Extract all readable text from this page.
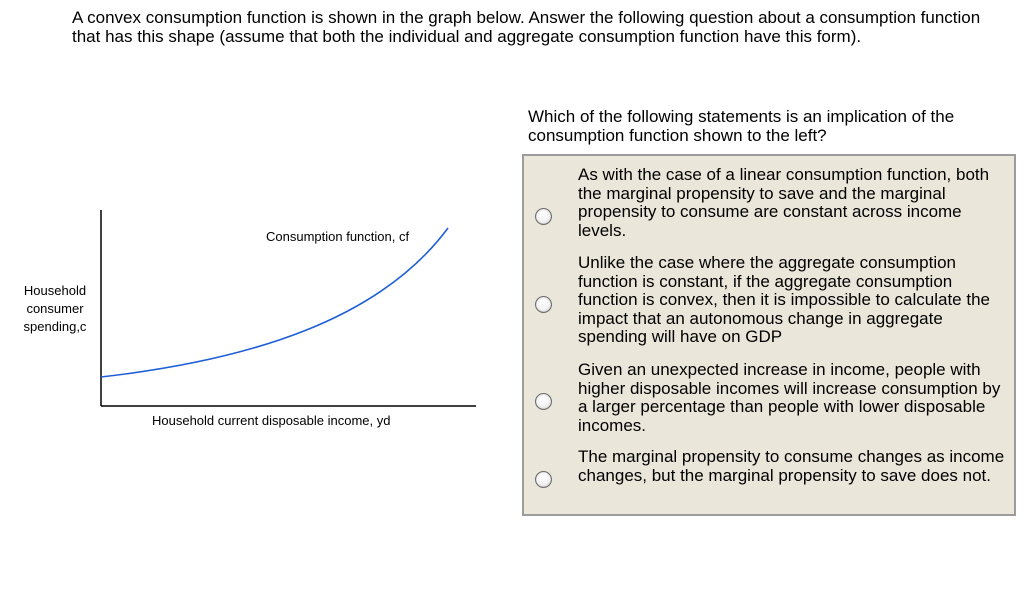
A convex consumption function is shown in the graph below. Answer the following question about a consumption function that has this shape (assume that both the individual and aggregate consumption function have this form).
Household consumer spending,c
Consumption function, cf
Household current disposable income, yd
Which of the following statements is an implication of the consumption function shown to the left?
As with the case of a linear consumption function, both the marginal propensity to save and the marginal propensity to consume are constant across income levels.
Unlike the case where the aggregate consumption function is constant, if the aggregate consumption function is convex, then it is impossible to calculate the impact that an autonomous change in aggregate spending will have on GDP
Given an unexpected increase in income, people with higher disposable incomes will increase consumption by a larger percentage than people with lower disposable incomes.
The marginal propensity to consume changes as income changes, but the marginal propensity to save does not.
